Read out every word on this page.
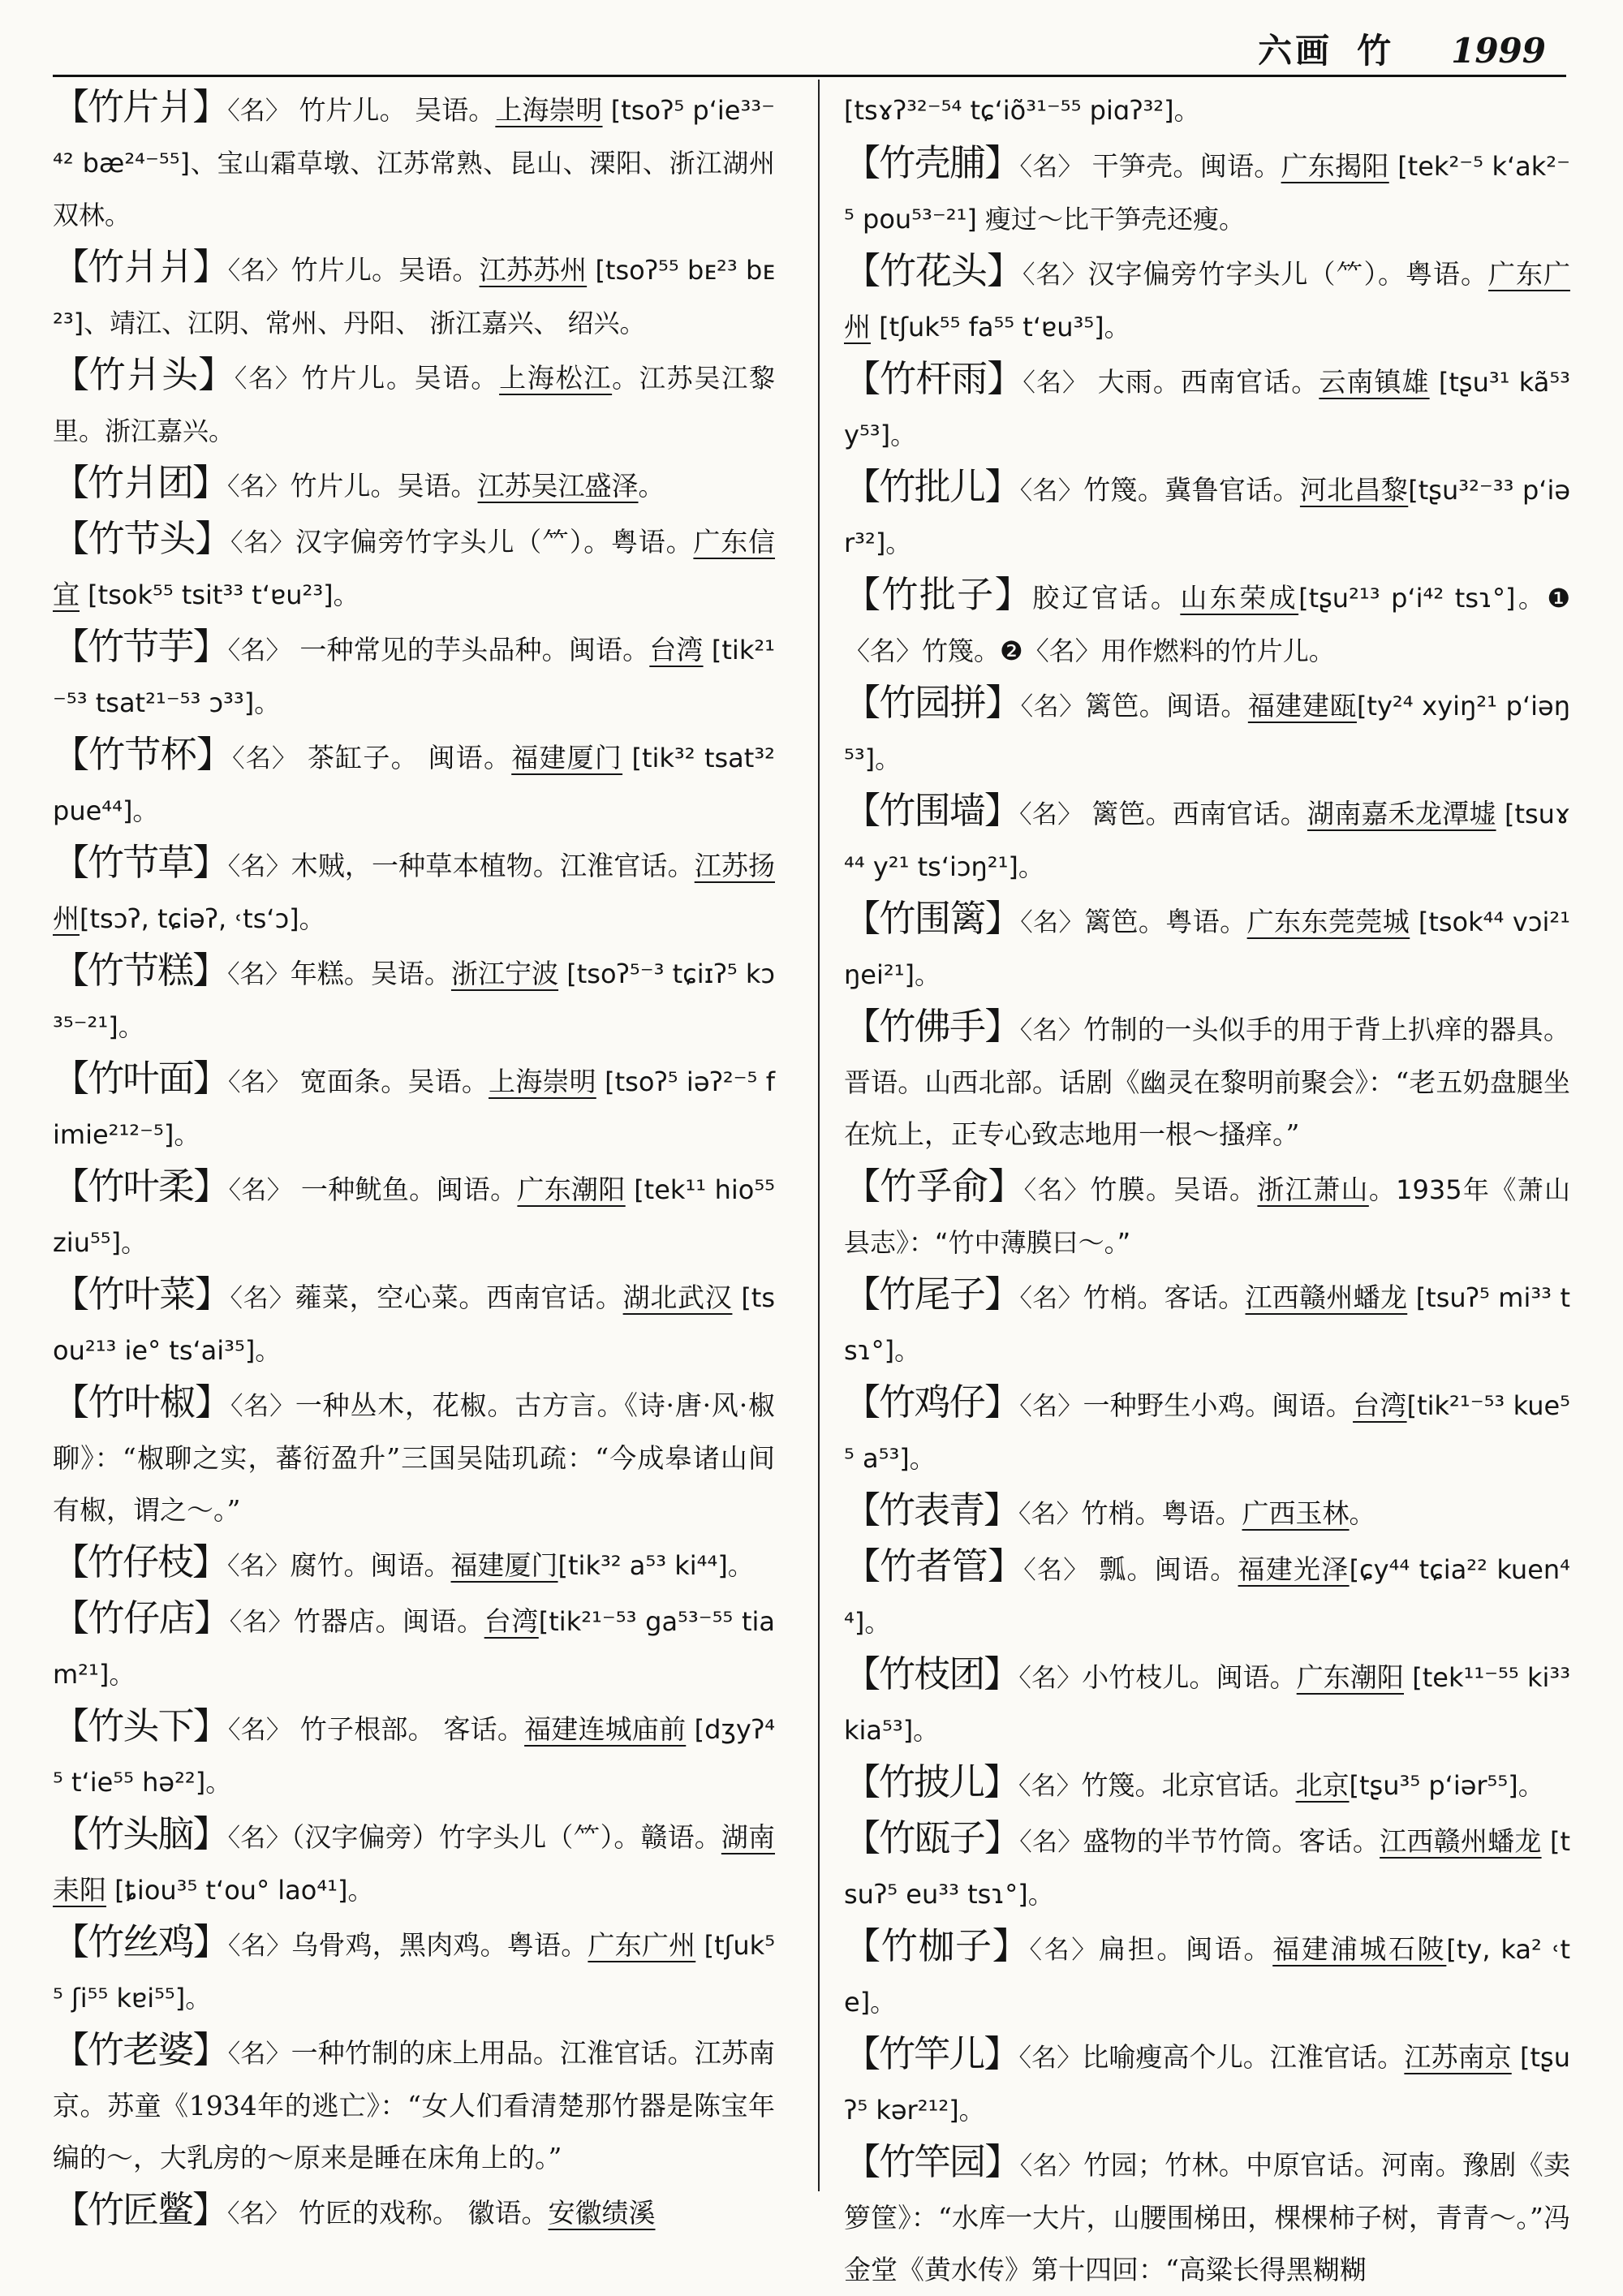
六画 竹 1999

【竹片爿】〈名〉 竹片儿。 吴语。上海崇明 [tsoʔ⁵ pʻie³³⁻⁴² bæ²⁴⁻⁵⁵]、宝山霜草墩、江苏常熟、昆山、溧阳、浙江湖州双林。

【竹爿爿】〈名〉竹片儿。吴语。江苏苏州 [tsoʔ⁵⁵ bᴇ²³ bᴇ²³]、靖江、江阴、常州、丹阳、 浙江嘉兴、 绍兴。

【竹爿头】〈名〉竹片儿。吴语。上海松江。江苏吴江黎里。浙江嘉兴。

【竹爿团】〈名〉竹片儿。吴语。江苏吴江盛泽。

【竹节头】〈名〉汉字偏旁竹字头儿（⺮）。粤语。广东信宜 [tsok⁵⁵ tsit³³ tʻɐu²³]。

【竹节芋】〈名〉 一种常见的芋头品种。闽语。台湾 [tik²¹⁻⁵³ tsat²¹⁻⁵³ ɔ³³]。

【竹节杯】〈名〉 茶缸子。 闽语。福建厦门 [tik³² tsat³² pue⁴⁴]。

【竹节草】〈名〉木贼，一种草本植物。江淮官话。江苏扬州[tsɔʔ, tɕiəʔ, ˓tsʻɔ]。

【竹节糕】〈名〉年糕。吴语。浙江宁波 [tsoʔ⁵⁻³ tɕiɪʔ⁵ kɔ³⁵⁻²¹]。

【竹叶面】〈名〉 宽面条。吴语。上海崇明 [tsoʔ⁵ iəʔ²⁻⁵ fimie²¹²⁻⁵]。

【竹叶柔】〈名〉 一种鱿鱼。闽语。广东潮阳 [tek¹¹ hio⁵⁵ ziu⁵⁵]。

【竹叶菜】〈名〉蕹菜，空心菜。西南官话。湖北武汉 [tsou²¹³ ie° tsʻai³⁵]。

【竹叶椒】〈名〉一种丛木，花椒。古方言。《诗·唐·风·椒聊》：“椒聊之实，蕃衍盈升”三国吴陆玑疏：“今成皋诸山间有椒，谓之～。”

【竹仔枝】〈名〉腐竹。闽语。福建厦门[tik³² a⁵³ ki⁴⁴]。

【竹仔店】〈名〉竹器店。闽语。台湾[tik²¹⁻⁵³ ga⁵³⁻⁵⁵ tiam²¹]。

【竹头下】〈名〉 竹子根部。 客话。福建连城庙前 [dʒyʔ⁴⁵ tʻie⁵⁵ hə²²]。

【竹头脑】〈名〉（汉字偏旁）竹字头儿（⺮）。赣语。湖南耒阳 [ȶiou³⁵ tʻou° lao⁴¹]。

【竹丝鸡】〈名〉乌骨鸡，黑肉鸡。粤语。广东广州 [tʃuk⁵⁵ ʃi⁵⁵ kɐi⁵⁵]。

【竹老婆】〈名〉一种竹制的床上用品。江淮官话。江苏南京。苏童《1934年的逃亡》：“女人们看清楚那竹器是陈宝年编的～，大乳房的～原来是睡在床角上的。”

【竹匠鳖】〈名〉 竹匠的戏称。 徽语。安徽绩溪

[tsɤʔ³²⁻⁵⁴ tɕʻiõ³¹⁻⁵⁵ piɑʔ³²]。

【竹壳脯】〈名〉 干笋壳。闽语。广东揭阳 [tek²⁻⁵ kʻak²⁻⁵ pou⁵³⁻²¹] 瘦过～比干笋壳还瘦。

【竹花头】〈名〉汉字偏旁竹字头儿（⺮）。粤语。广东广州 [tʃuk⁵⁵ fa⁵⁵ tʻɐu³⁵]。

【竹杆雨】〈名〉 大雨。西南官话。云南镇雄 [tʂu³¹ kã⁵³ y⁵³]。

【竹批儿】〈名〉竹篾。冀鲁官话。河北昌黎[tʂu³²⁻³³ pʻiər³²]。

【竹批子】胶辽官话。山东荣成[tʂu²¹³ pʻi⁴² tsɿ°]。❶〈名〉竹篾。❷〈名〉用作燃料的竹片儿。

【竹园拼】〈名〉篱笆。闽语。福建建瓯[ty²⁴ xyiŋ²¹ pʻiəŋ⁵³]。

【竹围墙】〈名〉 篱笆。西南官话。湖南嘉禾龙潭墟 [tsuɤ⁴⁴ y²¹ tsʻiɔŋ²¹]。

【竹围篱】〈名〉篱笆。粤语。广东东莞莞城 [tsok⁴⁴ vɔi²¹ ŋei²¹]。

【竹佛手】〈名〉竹制的一头似手的用于背上扒痒的器具。晋语。山西北部。话剧《幽灵在黎明前聚会》：“老五奶盘腿坐在炕上，正专心致志地用一根～搔痒。”

【竹孚俞】〈名〉竹膜。吴语。浙江萧山。1935年《萧山县志》：“竹中薄膜曰～。”

【竹尾子】〈名〉竹梢。客话。江西赣州蟠龙 [tsuʔ⁵ mi³³ tsɿ°]。

【竹鸡仔】〈名〉一种野生小鸡。闽语。台湾[tik²¹⁻⁵³ kue⁵⁵ a⁵³]。

【竹表青】〈名〉竹梢。粤语。广西玉林。

【竹者管】〈名〉 瓢。闽语。福建光泽[ɕy⁴⁴ tɕia²² kuen⁴⁴]。

【竹枝团】〈名〉小竹枝儿。闽语。广东潮阳 [tek¹¹⁻⁵⁵ ki³³ kia⁵³]。

【竹披儿】〈名〉竹篾。北京官话。北京[tʂu³⁵ pʻiər⁵⁵]。

【竹瓯子】〈名〉盛物的半节竹筒。客话。江西赣州蟠龙 [tsuʔ⁵ eu³³ tsɿ°]。

【竹枷子】〈名〉扁担。闽语。福建浦城石陂[ty, ka² ˓te]。

【竹竿儿】〈名〉比喻瘦高个儿。江淮官话。江苏南京 [tʂuʔ⁵ kər²¹²]。

【竹竿园】〈名〉竹园；竹林。中原官话。河南。豫剧《卖箩筐》：“水库一大片，山腰围梯田，棵棵柿子树，青青～。”冯金堂《黄水传》第十四回：“高粱长得黑糊糊
